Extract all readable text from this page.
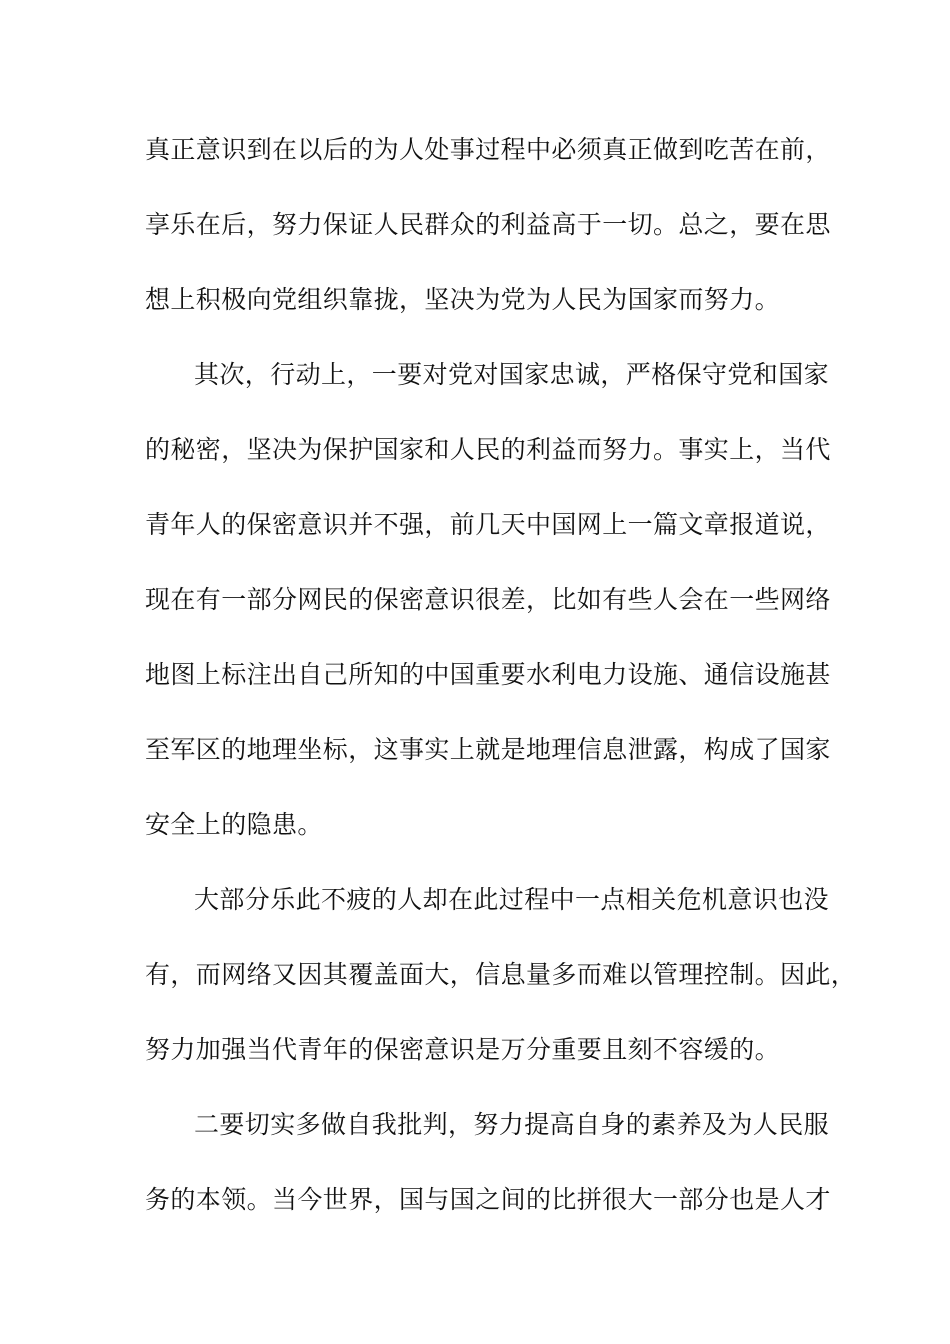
真正意识到在以后的为人处事过程中必须真正做到吃苦在前，
享乐在后，努力保证人民群众的利益高于一切。总之，要在思
想上积极向党组织靠拢，坚决为党为人民为国家而努力。
其次，行动上，一要对党对国家忠诚，严格保守党和国家
的秘密，坚决为保护国家和人民的利益而努力。事实上，当代
青年人的保密意识并不强，前几天中国网上一篇文章报道说，
现在有一部分网民的保密意识很差，比如有些人会在一些网络
地图上标注出自己所知的中国重要水利电力设施、通信设施甚
至军区的地理坐标，这事实上就是地理信息泄露，构成了国家
安全上的隐患。
大部分乐此不疲的人却在此过程中一点相关危机意识也没
有，而网络又因其覆盖面大，信息量多而难以管理控制。因此，
努力加强当代青年的保密意识是万分重要且刻不容缓的。
二要切实多做自我批判，努力提高自身的素养及为人民服
务的本领。当今世界，国与国之间的比拼很大一部分也是人才
